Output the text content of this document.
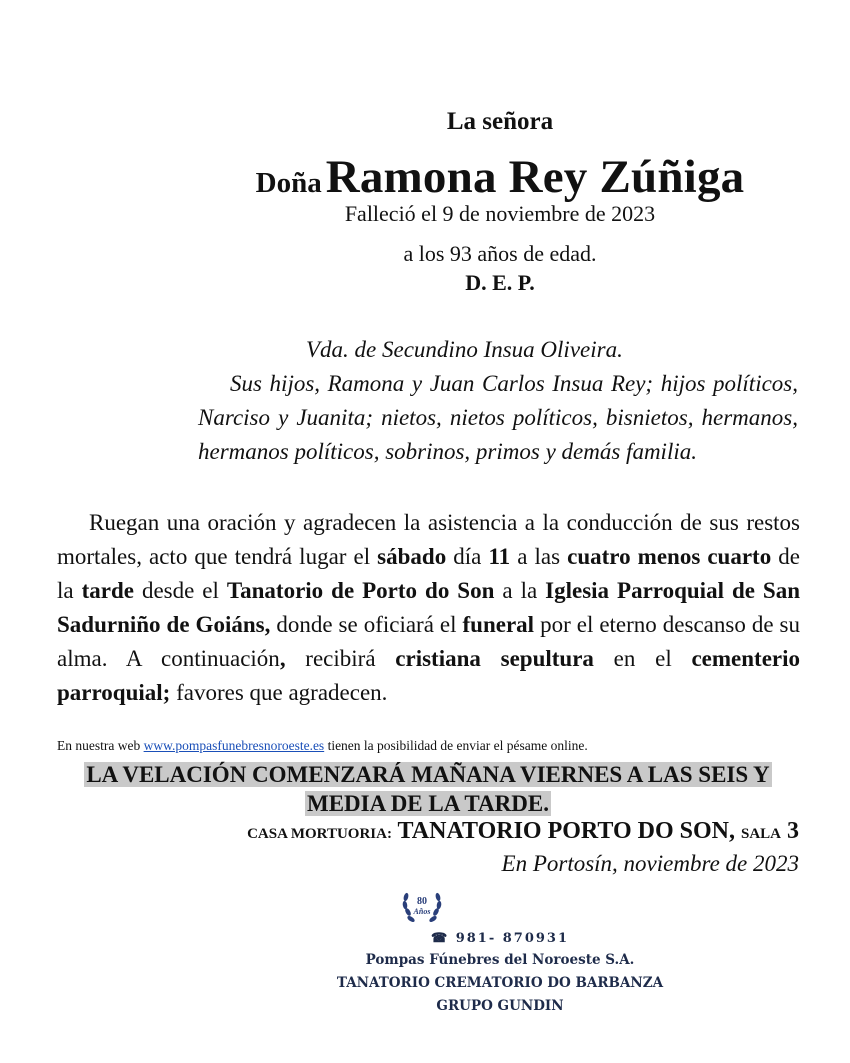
La señora
Doña Ramona Rey Zúñiga
Falleció el 9 de noviembre de 2023
a los 93 años de edad.
D. E. P.
Vda. de Secundino Insua Oliveira.
Sus hijos, Ramona y Juan Carlos Insua Rey; hijos políticos, Narciso y Juanita; nietos, nietos políticos, bisnietos, hermanos, hermanos políticos, sobrinos, primos y demás familia.
Ruegan una oración y agradecen la asistencia a la conducción de sus restos mortales, acto que tendrá lugar el sábado día 11 a las cuatro menos cuarto de la tarde desde el Tanatorio de Porto do Son a la Iglesia Parroquial de San Sadurniño de Goiáns, donde se oficiará el funeral por el eterno descanso de su alma. A continuación, recibirá cristiana sepultura en el cementerio parroquial; favores que agradecen.
En nuestra web www.pompasfunebresnoroeste.es tienen la posibilidad de enviar el pésame online.
LA VELACIÓN COMENZARÁ MAÑANA VIERNES A LAS SEIS Y
MEDIA DE LA TARDE.
CASA MORTUORIA: TANATORIO PORTO DO SON, SALA 3
En Portosín, noviembre de 2023
80
Años
☎ 981- 870931
Pompas Fúnebres del Noroeste S.A.
TANATORIO CREMATORIO DO BARBANZA
GRUPO GUNDIN
